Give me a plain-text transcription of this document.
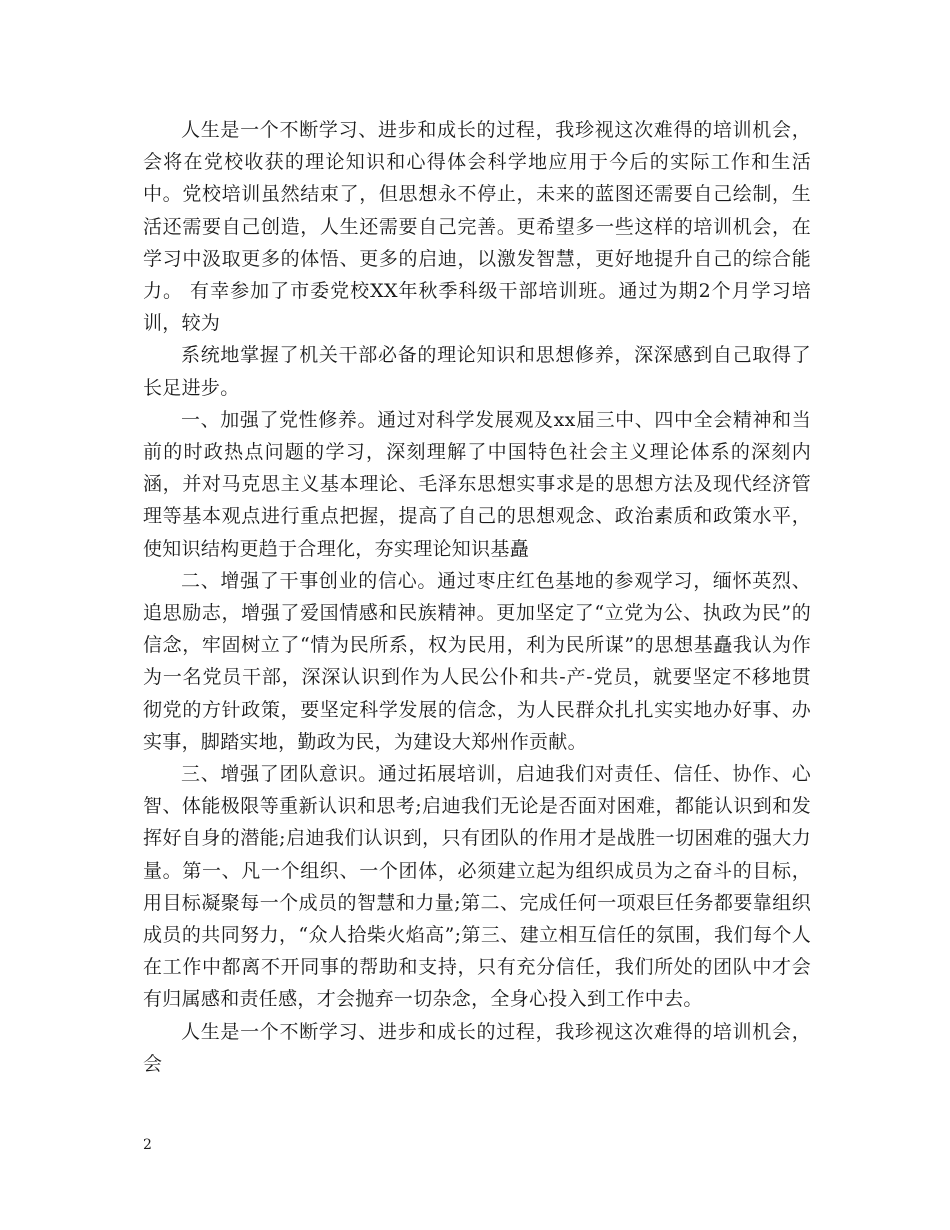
人生是一个不断学习、进步和成长的过程，我珍视这次难得的培训机会，会将在党校收获的理论知识和心得体会科学地应用于今后的实际工作和生活中。党校培训虽然结束了，但思想永不停止，未来的蓝图还需要自己绘制，生活还需要自己创造，人生还需要自己完善。更希望多一些这样的培训机会，在学习中汲取更多的体悟、更多的启迪，以激发智慧，更好地提升自己的综合能力。 有幸参加了市委党校XX年秋季科级干部培训班。通过为期2个月学习培训，较为

系统地掌握了机关干部必备的理论知识和思想修养，深深感到自己取得了长足进步。

一、加强了党性修养。通过对科学发展观及xx届三中、四中全会精神和当前的时政热点问题的学习，深刻理解了中国特色社会主义理论体系的深刻内涵，并对马克思主义基本理论、毛泽东思想实事求是的思想方法及现代经济管理等基本观点进行重点把握，提高了自己的思想观念、政治素质和政策水平，使知识结构更趋于合理化，夯实理论知识基矗

二、增强了干事创业的信心。通过枣庄红色基地的参观学习，缅怀英烈、追思励志，增强了爱国情感和民族精神。更加坚定了“立党为公、执政为民”的信念，牢固树立了“情为民所系，权为民用，利为民所谋”的思想基矗我认为作为一名党员干部，深深认识到作为人民公仆和共-产-党员，就要坚定不移地贯彻党的方针政策，要坚定科学发展的信念，为人民群众扎扎实实地办好事、办实事，脚踏实地，勤政为民，为建设大郑州作贡献。

三、增强了团队意识。通过拓展培训，启迪我们对责任、信任、协作、心智、体能极限等重新认识和思考;启迪我们无论是否面对困难，都能认识到和发挥好自身的潜能;启迪我们认识到，只有团队的作用才是战胜一切困难的强大力量。第一、凡一个组织、一个团体，必须建立起为组织成员为之奋斗的目标，用目标凝聚每一个成员的智慧和力量;第二、完成任何一项艰巨任务都要靠组织成员的共同努力，“众人拾柴火焰高”;第三、建立相互信任的氛围，我们每个人在工作中都离不开同事的帮助和支持，只有充分信任，我们所处的团队中才会有归属感和责任感，才会抛弃一切杂念，全身心投入到工作中去。

人生是一个不断学习、进步和成长的过程，我珍视这次难得的培训机会，会

2
